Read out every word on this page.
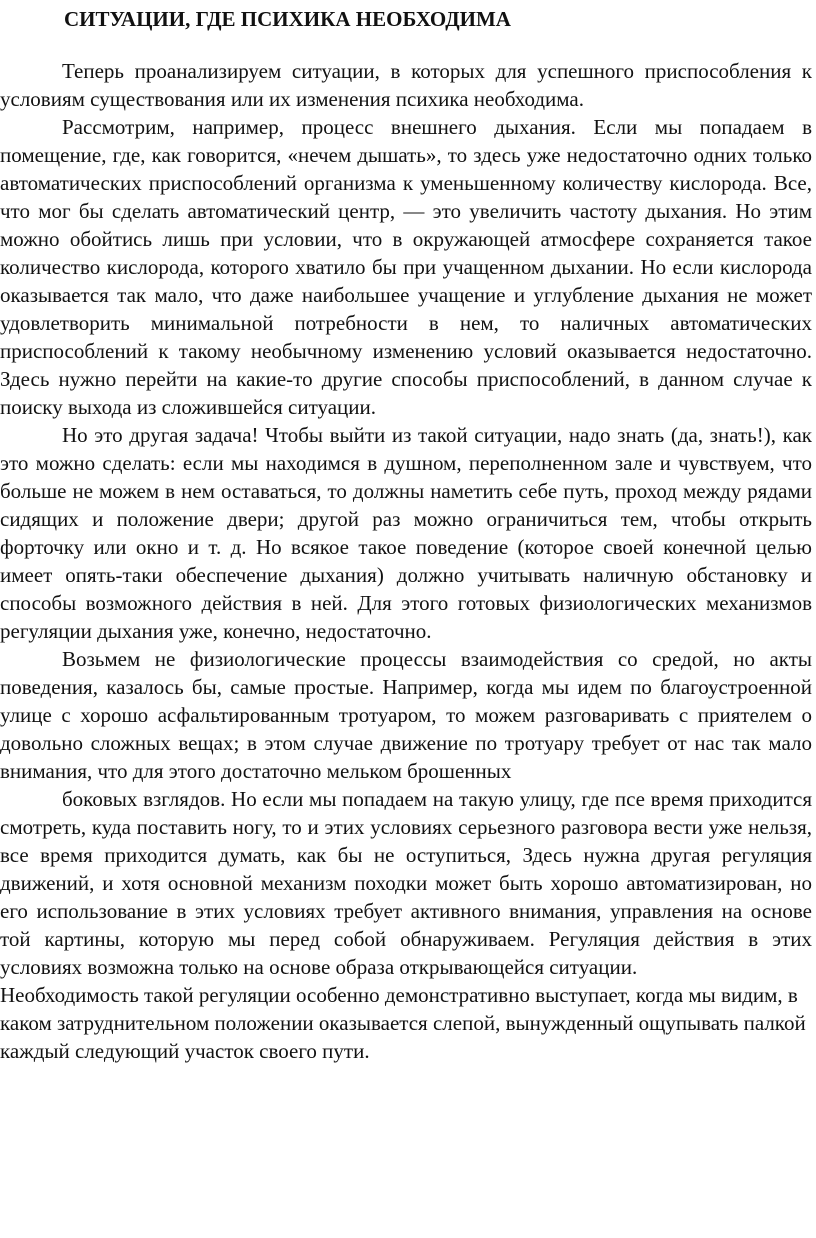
СИТУАЦИИ, ГДЕ ПСИХИКА НЕОБХОДИМА

Теперь проанализируем ситуации, в которых для успешного приспособления к условиям существования или их изменения психика необходима.

Рассмотрим, например, процесс внешнего дыхания. Если мы попадаем в помещение, где, как говорится, «нечем дышать», то здесь уже недостаточно одних только автоматических приспособлений организма к уменьшенному количеству кислорода. Все, что мог бы сделать автоматический центр, — это увеличить частоту дыхания. Но этим можно обойтись лишь при условии, что в окружающей атмосфере сохраняется такое количество кислорода, которого хватило бы при учащенном дыхании. Но если кислорода оказывается так мало, что даже наибольшее учащение и углубление дыхания не может удовлетворить минимальной потребности в нем, то наличных автоматических приспособлений к такому необычному изменению условий оказывается недостаточно. Здесь нужно перейти на какие-то другие способы приспособлений, в данном случае к поиску выхода из сложившейся ситуации.

Но это другая задача! Чтобы выйти из такой ситуации, надо знать (да, знать!), как это можно сделать: если мы находимся в душном, переполненном зале и чувствуем, что больше не можем в нем оставаться, то должны наметить себе путь, проход между рядами сидящих и положение двери; другой раз можно ограничиться тем, чтобы открыть форточку или окно и т. д. Но всякое такое поведение (которое своей конечной целью имеет опять-таки обеспечение дыхания) должно учитывать наличную обстановку и способы возможного действия в ней. Для этого готовых физиологических механизмов регуляции дыхания уже, конечно, недостаточно.

Возьмем не физиологические процессы взаимодействия со средой, но акты поведения, казалось бы, самые простые. Например, когда мы идем по благоустроенной улице с хорошо асфальтированным тротуаром, то можем разговаривать с приятелем о довольно сложных вещах; в этом случае движение по тротуару требует от нас так мало внимания, что для этого достаточно мельком брошенных

боковых взглядов. Но если мы попадаем на такую улицу, где псе время приходится смотреть, куда поставить ногу, то и этих условиях серьезного разговора вести уже нельзя, все время приходится думать, как бы не оступиться, Здесь нужна другая регуляция движений, и хотя основной механизм походки может быть хорошо автоматизирован, но его использование в этих условиях требует активного внимания, управления на основе той картины, которую мы перед собой обнаруживаем. Регуляция действия в этих условиях возможна только на основе образа открывающейся ситуации.

Необходимость такой регуляции особенно демонстративно выступает, когда мы видим, в каком затруднительном положении оказывается слепой, вынужденный ощупывать палкой каждый следующий участок своего пути.
